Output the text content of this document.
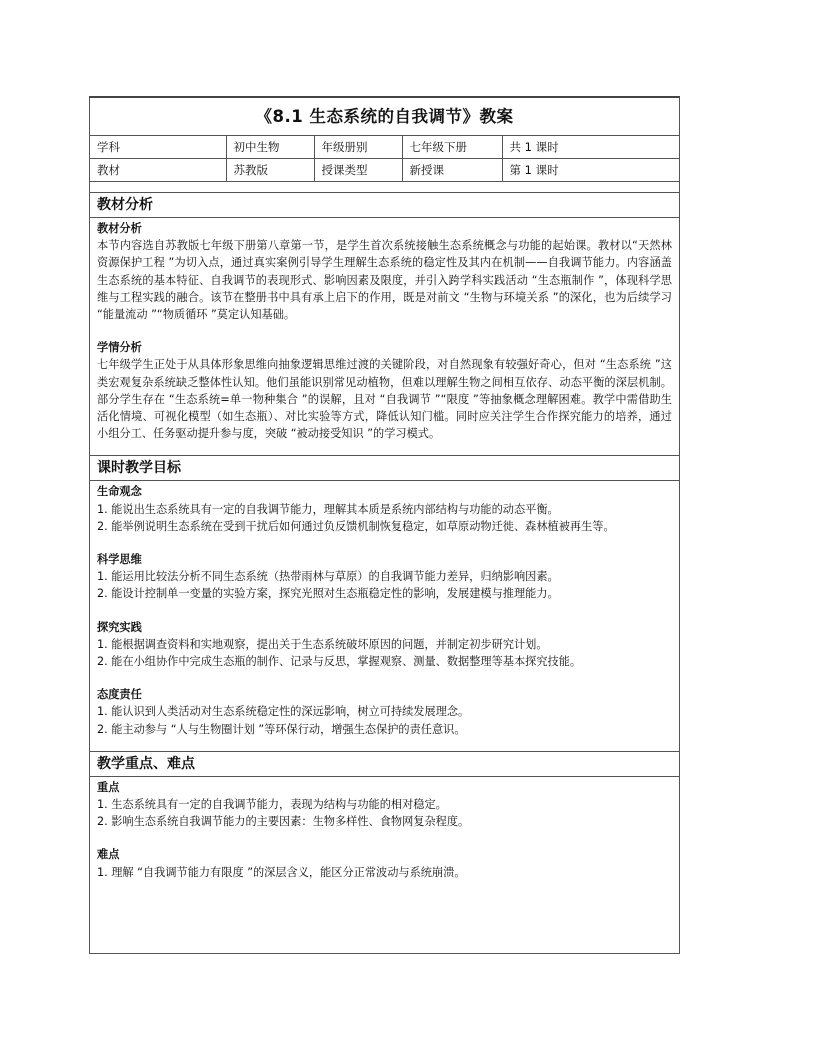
《8.1 生态系统的自我调节》教案
学科	初中生物	年级册别	七年级下册	共 1 课时
教材	苏教版	授课类型	新授课	第 1 课时
教材分析
教材分析
本节内容选自苏教版七年级下册第八章第一节，是学生首次系统接触生态系统概念与功能的起始课。教材以“天然林资源保护工程 ”为切入点，通过真实案例引导学生理解生态系统的稳定性及其内在机制——自我调节能力。内容涵盖生态系统的基本特征、自我调节的表现形式、影响因素及限度，并引入跨学科实践活动 “生态瓶制作 ”，体现科学思维与工程实践的融合。该节在整册书中具有承上启下的作用，既是对前文 “生物与环境关系 ”的深化，也为后续学习 “能量流动 ”“物质循环 ”莫定认知基础。
学情分析
七年级学生正处于从具体形象思维向抽象逻辑思维过渡的关键阶段，对自然现象有较强好奇心，但对 “生态系统 ”这类宏观复杂系统缺乏整体性认知。他们虽能识别常见动植物，但难以理解生物之间相互依存、动态平衡的深层机制。部分学生存在 “生态系统=单一物种集合 ”的误解，且对 “自我调节 ”“限度 ”等抽象概念理解困难。教学中需借助生活化情境、可视化模型（如生态瓶）、对比实验等方式，降低认知门槛。同时应关注学生合作探究能力的培养，通过小组分工、任务驱动提升参与度，突破 “被动接受知识 ”的学习模式。
课时教学目标
生命观念
1. 能说出生态系统具有一定的自我调节能力，理解其本质是系统内部结构与功能的动态平衡。
2. 能举例说明生态系统在受到干扰后如何通过负反馈机制恢复稳定，如草原动物迁徙、森林植被再生等。
科学思维
1. 能运用比较法分析不同生态系统（热带雨林与草原）的自我调节能力差异，归纳影响因素。
2. 能设计控制单一变量的实验方案，探究光照对生态瓶稳定性的影响，发展建模与推理能力。
探究实践
1. 能根据调查资料和实地观察，提出关于生态系统破坏原因的问题，并制定初步研究计划。
2. 能在小组协作中完成生态瓶的制作、记录与反思，掌握观察、测量、数据整理等基本探究技能。
态度责任
1. 能认识到人类活动对生态系统稳定性的深远影响，树立可持续发展理念。
2. 能主动参与 “人与生物圈计划 ”等环保行动，增强生态保护的责任意识。
教学重点、难点
重点
1. 生态系统具有一定的自我调节能力，表现为结构与功能的相对稳定。
2. 影响生态系统自我调节能力的主要因素：生物多样性、食物网复杂程度。
难点
1. 理解 “自我调节能力有限度 ”的深层含义，能区分正常波动与系统崩溃。
